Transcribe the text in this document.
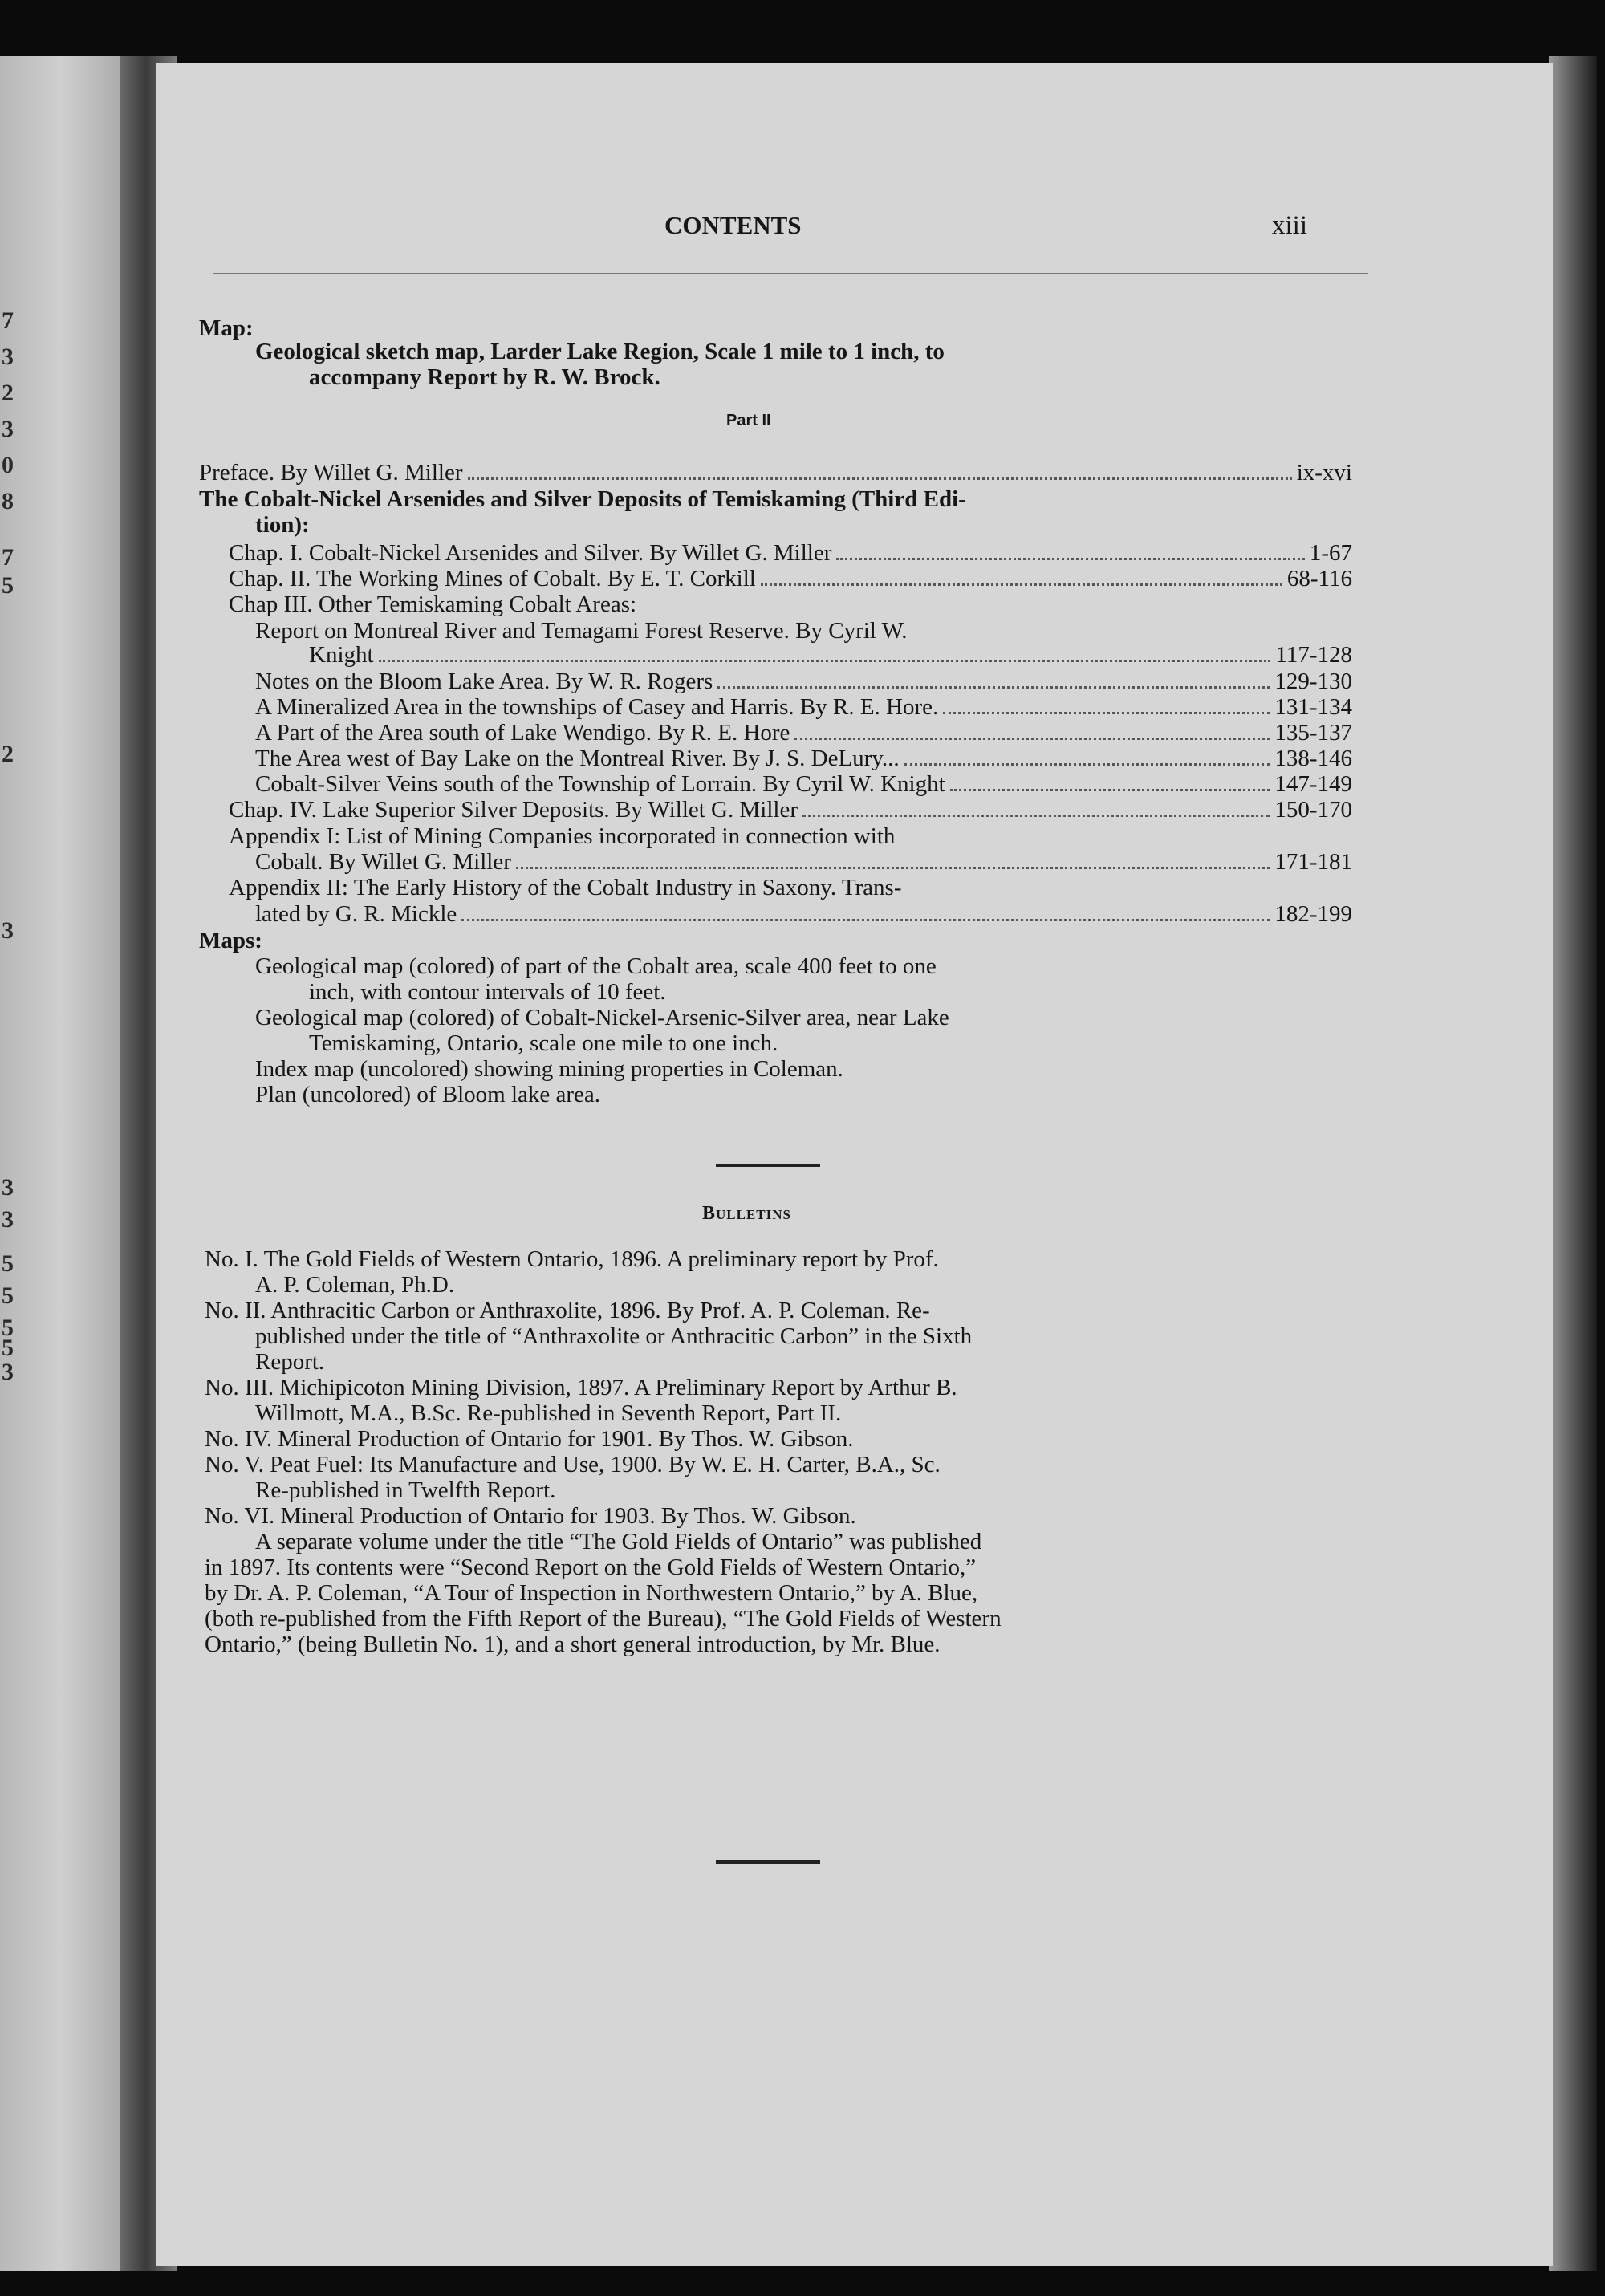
7
3
2
3
0
8
7
5
2
3
3
3
5
5
5
5
3
CONTENTS	xiii
Map:
Geological sketch map, Larder Lake Region, Scale 1 mile to 1 inch, to
accompany Report by R. W. Brock.
Part II
Preface. By Willet G. Miller	ix-xvi
The Cobalt-Nickel Arsenides and Silver Deposits of Temiskaming (Third Edi-
tion):
Chap. I. Cobalt-Nickel Arsenides and Silver. By Willet G. Miller	1-67
Chap. II. The Working Mines of Cobalt. By E. T. Corkill	68-116
Chap III. Other Temiskaming Cobalt Areas:
Report on Montreal River and Temagami Forest Reserve. By Cyril W.
Knight	117-128
Notes on the Bloom Lake Area. By W. R. Rogers	129-130
A Mineralized Area in the townships of Casey and Harris. By R. E. Hore.	131-134
A Part of the Area south of Lake Wendigo. By R. E. Hore	135-137
The Area west of Bay Lake on the Montreal River. By J. S. DeLury...	138-146
Cobalt-Silver Veins south of the Township of Lorrain. By Cyril W. Knight	147-149
Chap. IV. Lake Superior Silver Deposits. By Willet G. Miller	150-170
Appendix I: List of Mining Companies incorporated in connection with
Cobalt. By Willet G. Miller	171-181
Appendix II: The Early History of the Cobalt Industry in Saxony. Trans-
lated by G. R. Mickle	182-199
Maps:
Geological map (colored) of part of the Cobalt area, scale 400 feet to one
inch, with contour intervals of 10 feet.
Geological map (colored) of Cobalt-Nickel-Arsenic-Silver area, near Lake
Temiskaming, Ontario, scale one mile to one inch.
Index map (uncolored) showing mining properties in Coleman.
Plan (uncolored) of Bloom lake area.
Bulletins
No. I. The Gold Fields of Western Ontario, 1896. A preliminary report by Prof.
A. P. Coleman, Ph.D.
No. II. Anthracitic Carbon or Anthraxolite, 1896. By Prof. A. P. Coleman. Re-
published under the title of “Anthraxolite or Anthracitic Carbon” in the Sixth
Report.
No. III. Michipicoton Mining Division, 1897. A Preliminary Report by Arthur B.
Willmott, M.A., B.Sc. Re-published in Seventh Report, Part II.
No. IV. Mineral Production of Ontario for 1901. By Thos. W. Gibson.
No. V. Peat Fuel: Its Manufacture and Use, 1900. By W. E. H. Carter, B.A., Sc.
Re-published in Twelfth Report.
No. VI. Mineral Production of Ontario for 1903. By Thos. W. Gibson.
A separate volume under the title “The Gold Fields of Ontario” was published
in 1897. Its contents were “Second Report on the Gold Fields of Western Ontario,”
by Dr. A. P. Coleman, “A Tour of Inspection in Northwestern Ontario,” by A. Blue,
(both re-published from the Fifth Report of the Bureau), “The Gold Fields of Western
Ontario,” (being Bulletin No. 1), and a short general introduction, by Mr. Blue.
